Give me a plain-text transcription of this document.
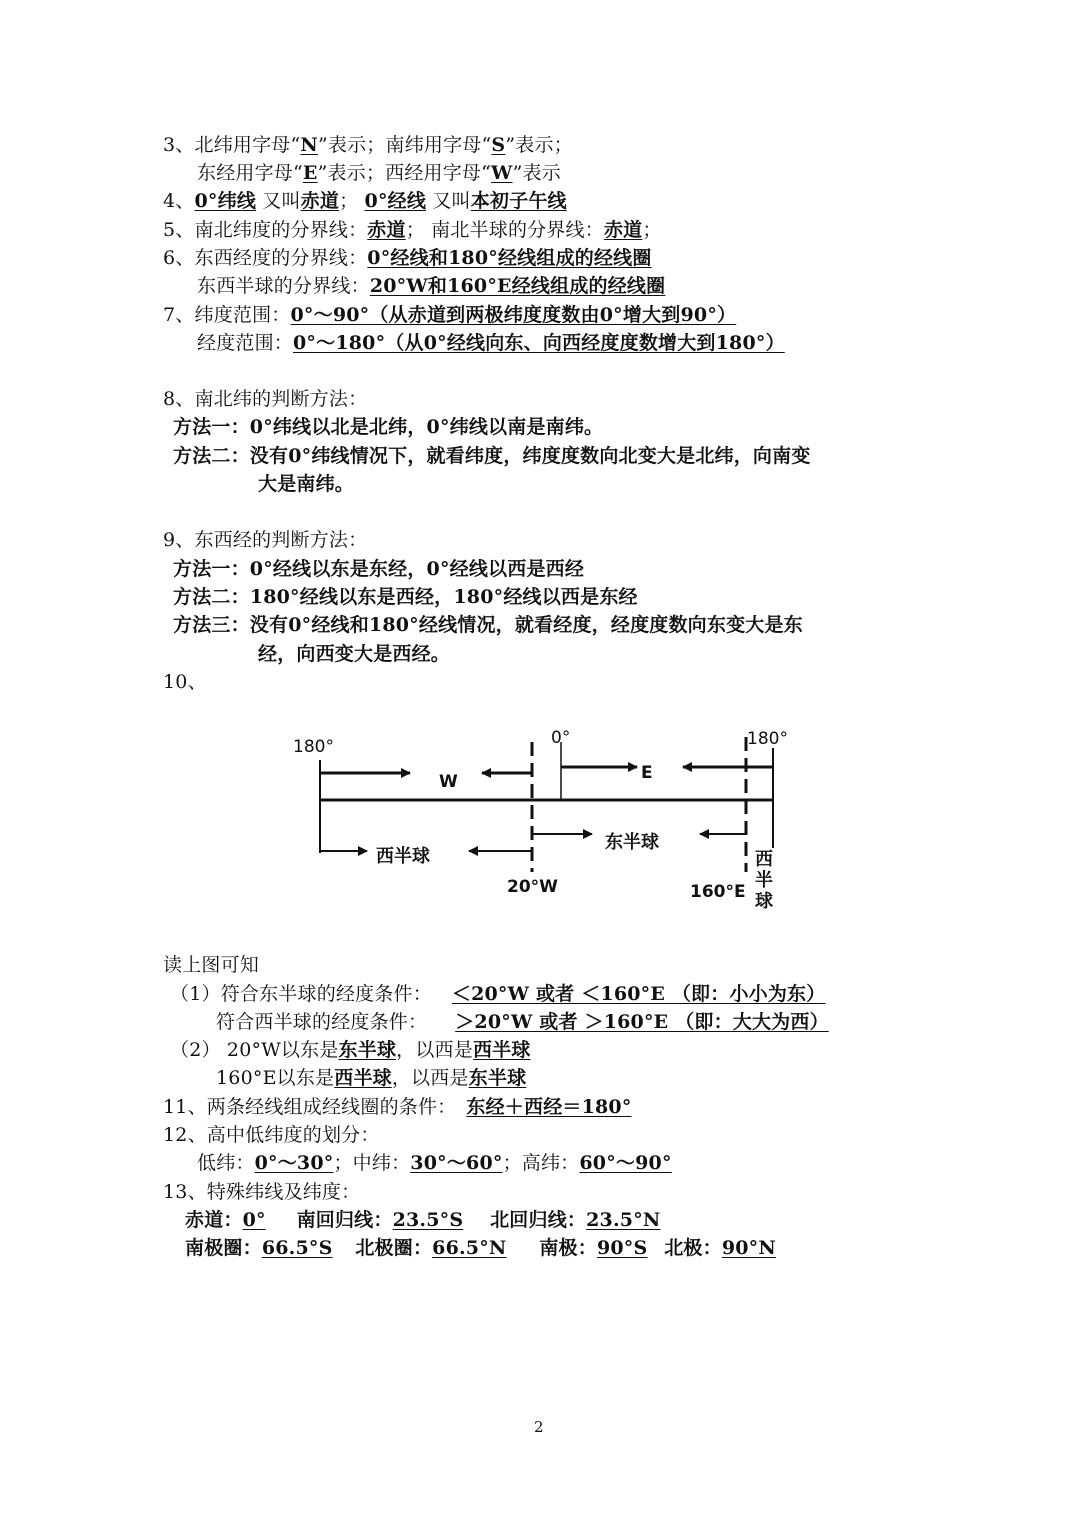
3、北纬用字母“N”表示；南纬用字母“S”表示；
东经用字母“E”表示；西经用字母“W”表示
4、0°纬线 又叫赤道； 0°经线 又叫本初子午线
5、南北纬度的分界线：赤道； 南北半球的分界线：赤道；
6、东西经度的分界线：0°经线和180°经线组成的经线圈
东西半球的分界线：20°W和160°E经线组成的经线圈
7、纬度范围：0°～90°（从赤道到两极纬度度数由0°增大到90°）
经度范围：0°～180°（从0°经线向东、向西经度度数增大到180°）
8、南北纬的判断方法：
方法一：0°纬线以北是北纬，0°纬线以南是南纬。
方法二：没有0°纬线情况下，就看纬度，纬度度数向北变大是北纬，向南变
大是南纬。
9、东西经的判断方法：
方法一：0°经线以东是东经，0°经线以西是西经
方法二：180°经线以东是西经，180°经线以西是东经
方法三：没有0°经线和180°经线情况，就看经度，经度度数向东变大是东
经，向西变大是西经。
10、
180°	0°	180°
W	E
西半球
东半球
20°W	160°E
西
半
球
读上图可知
（1）符合东半球的经度条件： ＜20°W 或者 ＜160°E （即：小小为东）
符合西半球的经度条件： ＞20°W 或者 ＞160°E （即：大大为西）
（2） 20°W以东是东半球，以西是西半球
160°E以东是西半球，以西是东半球
11、两条经线组成经线圈的条件： 东经＋西经＝180°
12、高中低纬度的划分：
低纬：0°～30°；中纬：30°～60°；高纬：60°～90°
13、特殊纬线及纬度：
赤道：0° 南回归线：23.5°S 北回归线：23.5°N
南极圈：66.5°S 北极圈：66.5°N 南极：90°S 北极：90°N
2
